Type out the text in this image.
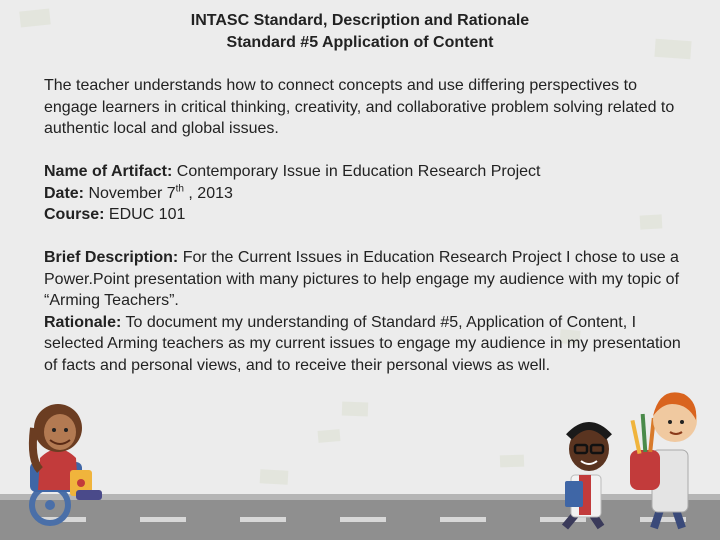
INTASC Standard, Description and Rationale
Standard #5 Application of Content

The teacher understands how to connect concepts and use differing perspectives to engage learners in critical thinking, creativity, and collaborative problem solving related to authentic local and global issues.

Name of Artifact: Contemporary Issue in Education Research Project

Date: November 7th , 2013

Course: EDUC 101

Brief Description: For the Current Issues in Education Research Project I chose to use a Power.Point presentation with many pictures to help engage my audience with my topic of “Arming Teachers”.

Rationale: To document my understanding of Standard #5, Application of Content, I selected Arming teachers as my current issues to engage my audience in my presentation of facts and personal views, and to receive their personal views as well.
